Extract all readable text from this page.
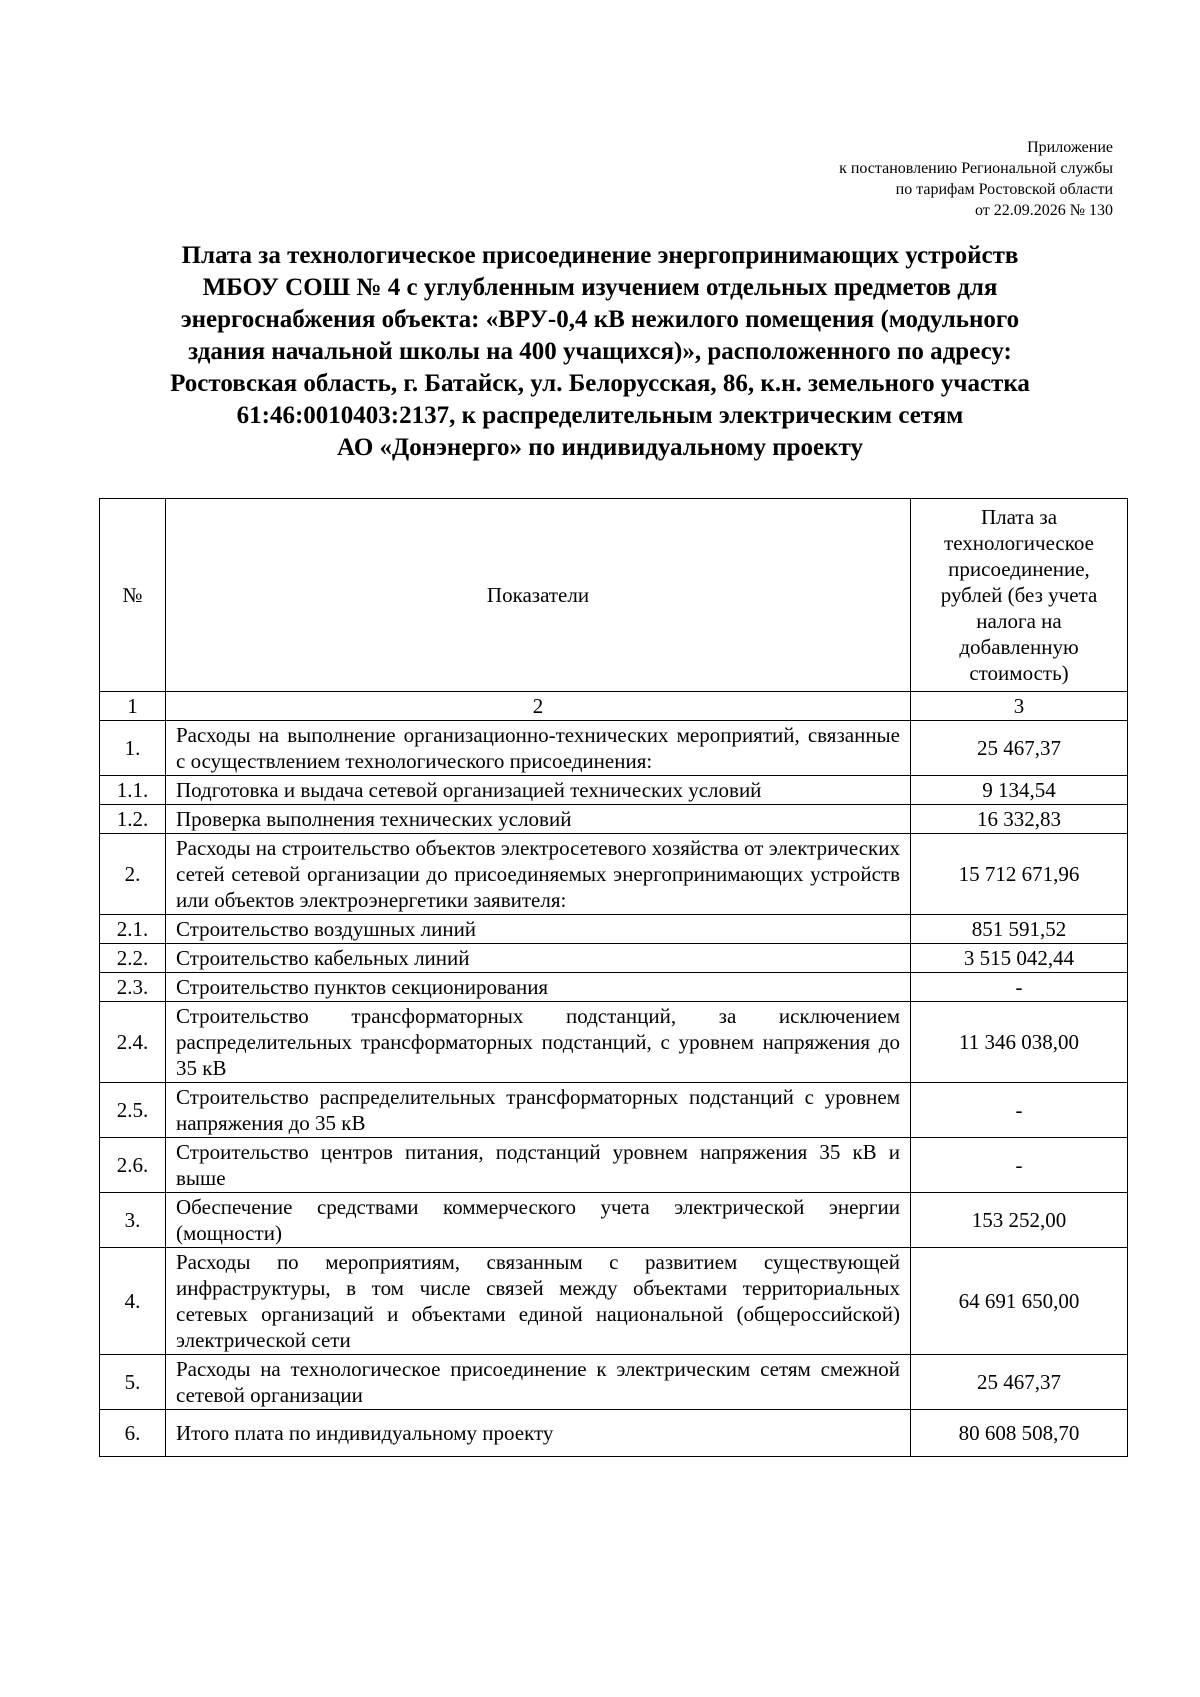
Приложение
к постановлению Региональной службы
по тарифам Ростовской области
от 22.09.2026 № 130
Плата за технологическое присоединение энергопринимающих устройств
МБОУ СОШ № 4 с углубленным изучением отдельных предметов для
энергоснабжения объекта: «ВРУ-0,4 кВ нежилого помещения (модульного
здания начальной школы на 400 учащихся)», расположенного по адресу:
Ростовская область, г. Батайск, ул. Белорусская, 86, к.н. земельного участка
61:46:0010403:2137, к распределительным электрическим сетям
АО «Донэнерго» по индивидуальному проекту
№	Показатели	Плата за технологическое присоединение, рублей (без учета налога на добавленную стоимость)
1	2	3
1.	Расходы на выполнение организационно-технических мероприятий, связанные с осуществлением технологического присоединения:	25 467,37
1.1.	Подготовка и выдача сетевой организацией технических условий	9 134,54
1.2.	Проверка выполнения технических условий	16 332,83
2.	Расходы на строительство объектов электросетевого хозяйства от электрических сетей сетевой организации до присоединяемых энергопринимающих устройств или объектов электроэнергетики заявителя:	15 712 671,96
2.1.	Строительство воздушных линий	851 591,52
2.2.	Строительство кабельных линий	3 515 042,44
2.3.	Строительство пунктов секционирования	-
2.4.	Строительство трансформаторных подстанций, за исключением распределительных трансформаторных подстанций, с уровнем напряжения до 35 кВ	11 346 038,00
2.5.	Строительство распределительных трансформаторных подстанций с уровнем напряжения до 35 кВ	-
2.6.	Строительство центров питания, подстанций уровнем напряжения 35 кВ и выше	-
3.	Обеспечение средствами коммерческого учета электрической энергии (мощности)	153 252,00
4.	Расходы по мероприятиям, связанным с развитием существующей инфраструктуры, в том числе связей между объектами территориальных сетевых организаций и объектами единой национальной (общероссийской) электрической сети	64 691 650,00
5.	Расходы на технологическое присоединение к электрическим сетям смежной сетевой организации	25 467,37
6.	Итого плата по индивидуальному проекту	80 608 508,70
